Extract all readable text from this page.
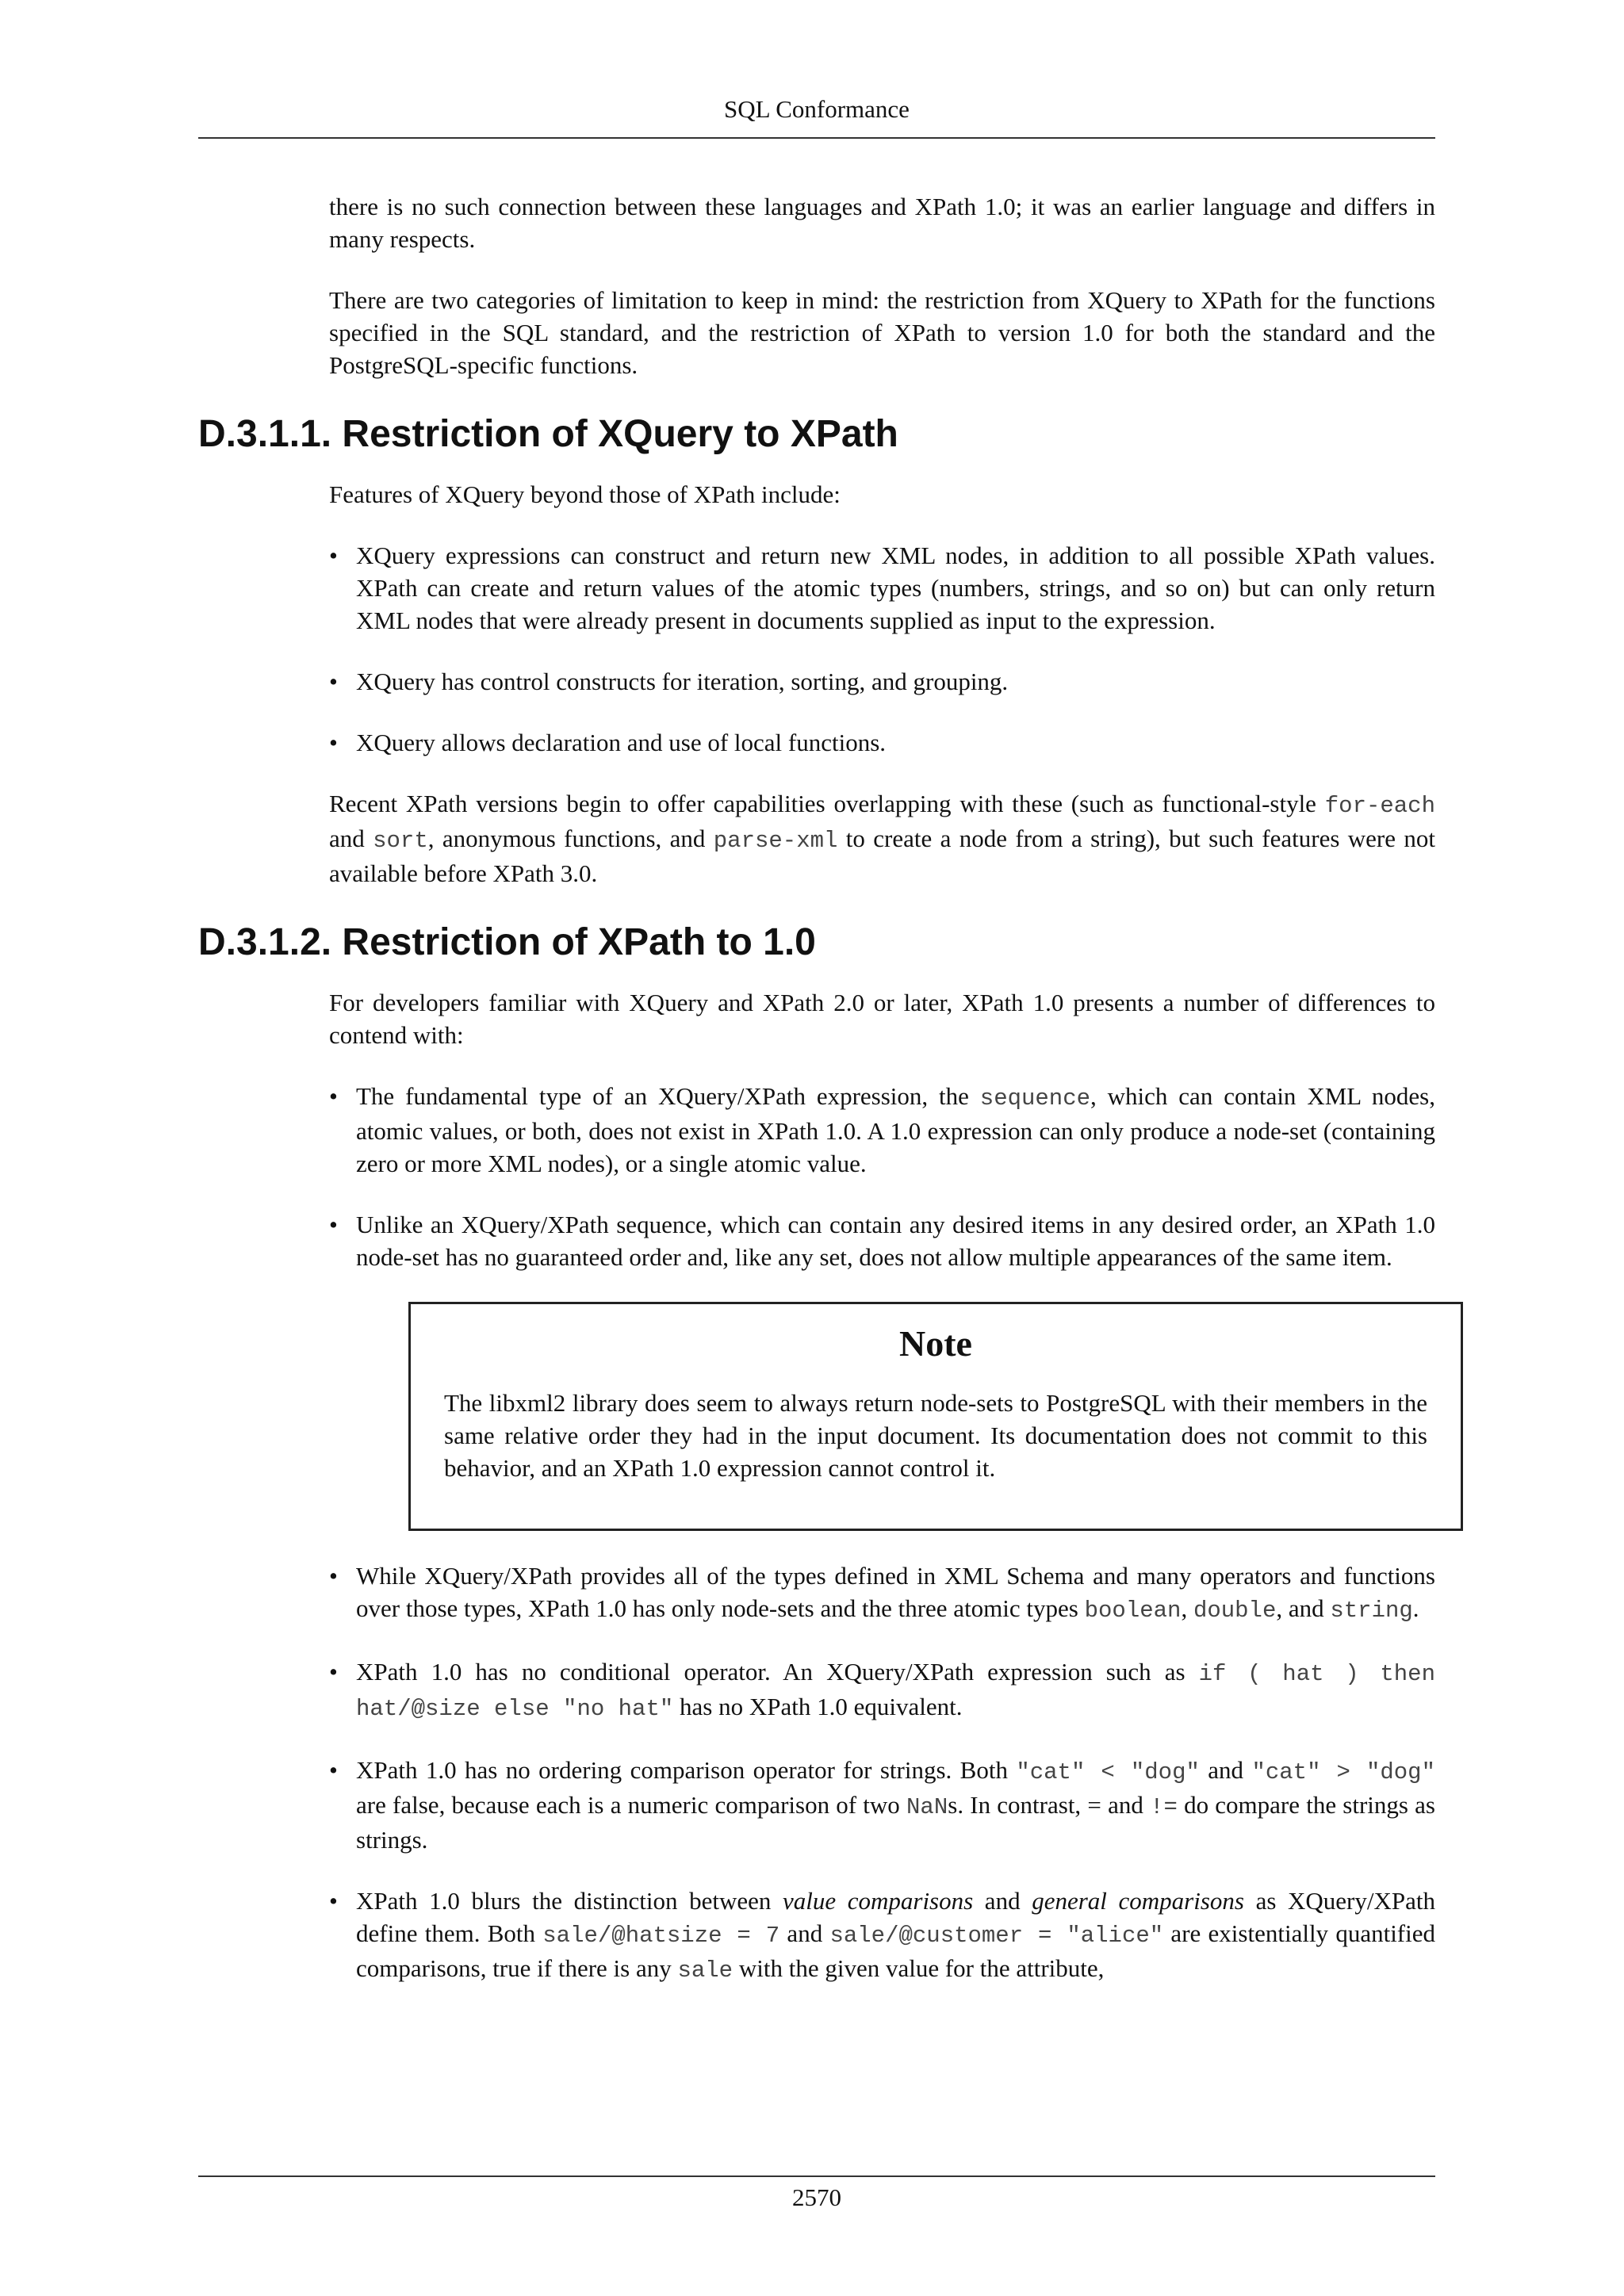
SQL Conformance

there is no such connection between these languages and XPath 1.0; it was an earlier language and differs in many respects.

There are two categories of limitation to keep in mind: the restriction from XQuery to XPath for the functions specified in the SQL standard, and the restriction of XPath to version 1.0 for both the standard and the PostgreSQL-specific functions.

D.3.1.1. Restriction of XQuery to XPath

Features of XQuery beyond those of XPath include:

• XQuery expressions can construct and return new XML nodes, in addition to all possible XPath values. XPath can create and return values of the atomic types (numbers, strings, and so on) but can only return XML nodes that were already present in documents supplied as input to the expression.
• XQuery has control constructs for iteration, sorting, and grouping.
• XQuery allows declaration and use of local functions.

Recent XPath versions begin to offer capabilities overlapping with these (such as functional-style for-each and sort, anonymous functions, and parse-xml to create a node from a string), but such features were not available before XPath 3.0.

D.3.1.2. Restriction of XPath to 1.0

For developers familiar with XQuery and XPath 2.0 or later, XPath 1.0 presents a number of differences to contend with:

• The fundamental type of an XQuery/XPath expression, the sequence, which can contain XML nodes, atomic values, or both, does not exist in XPath 1.0. A 1.0 expression can only produce a node-set (containing zero or more XML nodes), or a single atomic value.
• Unlike an XQuery/XPath sequence, which can contain any desired items in any desired order, an XPath 1.0 node-set has no guaranteed order and, like any set, does not allow multiple appearances of the same item.
Note

The libxml2 library does seem to always return node-sets to PostgreSQL with their members in the same relative order they had in the input document. Its documentation does not commit to this behavior, and an XPath 1.0 expression cannot control it.

• While XQuery/XPath provides all of the types defined in XML Schema and many operators and functions over those types, XPath 1.0 has only node-sets and the three atomic types boolean, double, and string.
• XPath 1.0 has no conditional operator. An XQuery/XPath expression such as if ( hat ) then hat/@size else "no hat" has no XPath 1.0 equivalent.
• XPath 1.0 has no ordering comparison operator for strings. Both "cat" < "dog" and "cat" > "dog" are false, because each is a numeric comparison of two NaNs. In contrast, = and != do compare the strings as strings.
• XPath 1.0 blurs the distinction between value comparisons and general comparisons as XQuery/XPath define them. Both sale/@hatsize = 7 and sale/@customer = "alice" are existentially quantified comparisons, true if there is any sale with the given value for the attribute,
2570
